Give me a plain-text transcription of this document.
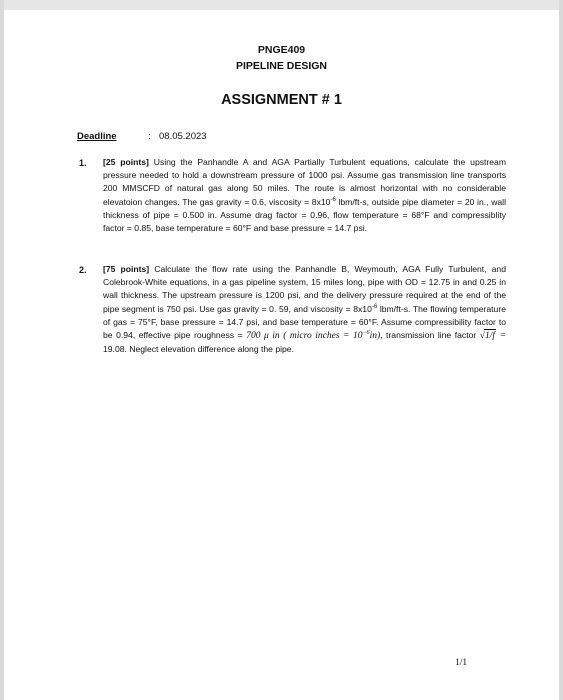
PNGE409
PIPELINE DESIGN
ASSIGNMENT # 1
Deadline	: 08.05.2023
1. [25 points] Using the Panhandle A and AGA Partially Turbulent equations, calculate the upstream pressure needed to hold a downstream pressure of 1000 psi. Assume gas transmission line transports 200 MMSCFD of natural gas along 50 miles. The route is almost horizontal with no considerable elevatoion changes. The gas gravity = 0.6, viscosity = $8x10^{-6}$ lbm/ft-s, outside pipe diameter = 20 in., wall thickness of pipe = 0.500 in. Assume drag factor = 0.96, flow temperature = 68°F and compressiblity factor = 0.85, base temperature = 60°F and base pressure = 14.7 psi.
2. [75 points] Calculate the flow rate using the Panhandle B, Weymouth, AGA Fully Turbulent, and Colebrook-White equations, in a gas pipeline system, 15 miles long, pipe with OD = 12.75 in and 0.25 in wall thickness. The upstream pressure is 1200 psi, and the delivery pressure required at the end of the pipe segment is 750 psi. Use gas gravity = 0. 59, and viscosity = $8x10^{-6}$ lbm/ft-s. The flowing temperature of gas = 75°F, base pressure = 14.7 psi, and base temperature = 60°F. Assume compressibility factor to be 0.94, effective pipe roughness = 700 μ in ( micro inches = $10^{-6}in$), transmission line factor √1/f = 19.08. Neglect elevation difference along the pipe.
1/1
